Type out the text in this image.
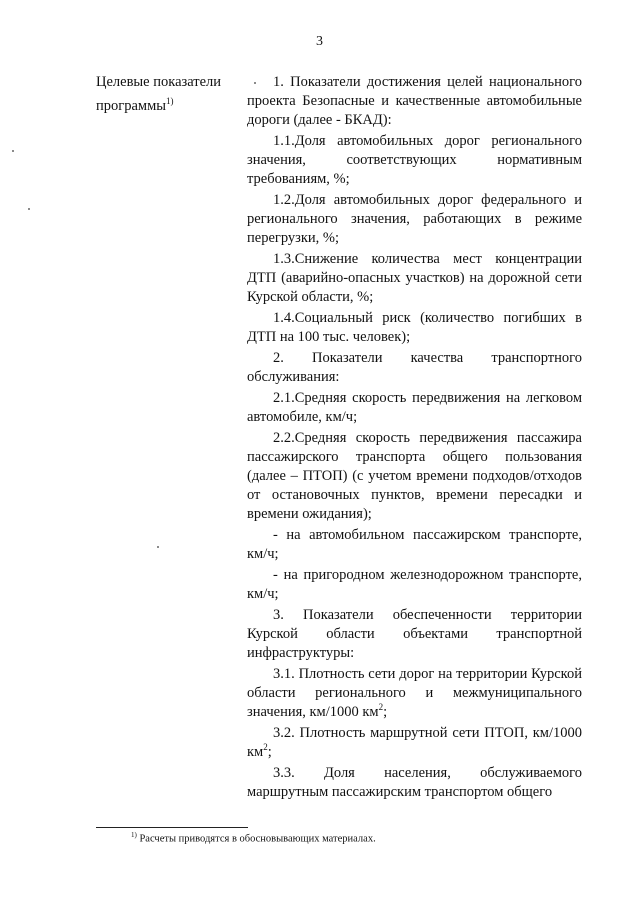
3
Целевые показатели программы$^{1)}$

1. Показатели достижения целей национального проекта Безопасные и качественные автомобильные дороги (далее - БКАД):

1.1.Доля автомобильных дорог регионального значения, соответствующих нормативным требованиям, %;

1.2.Доля автомобильных дорог федерального и регионального значения, работающих в режиме перегрузки, %;

1.3.Снижение количества мест концентрации ДТП (аварийно-опасных участков) на дорожной сети Курской области, %;

1.4.Социальный риск (количество погибших в ДТП на 100 тыс. человек);

2. Показатели качества транспортного обслуживания:

2.1.Средняя скорость передвижения на легковом автомобиле, км/ч;

2.2.Средняя скорость передвижения пассажира пассажирского транспорта общего пользования (далее – ПТОП) (с учетом времени подходов/отходов от остановочных пунктов, времени пересадки и времени ожидания);

- на автомобильном пассажирском транспорте, км/ч;

- на пригородном железнодорожном транспорте, км/ч;

3. Показатели обеспеченности территории Курской области объектами транспортной инфраструктуры:

3.1. Плотность сети дорог на территории Курской области регионального и межмуниципального значения, км/1000 $км^2$;

3.2. Плотность маршрутной сети ПТОП, км/1000 $км^2$;

3.3. Доля населения, обслуживаемого маршрутным пассажирским транспортом общего

$^{1)}$ Расчеты приводятся в обосновывающих материалах.
